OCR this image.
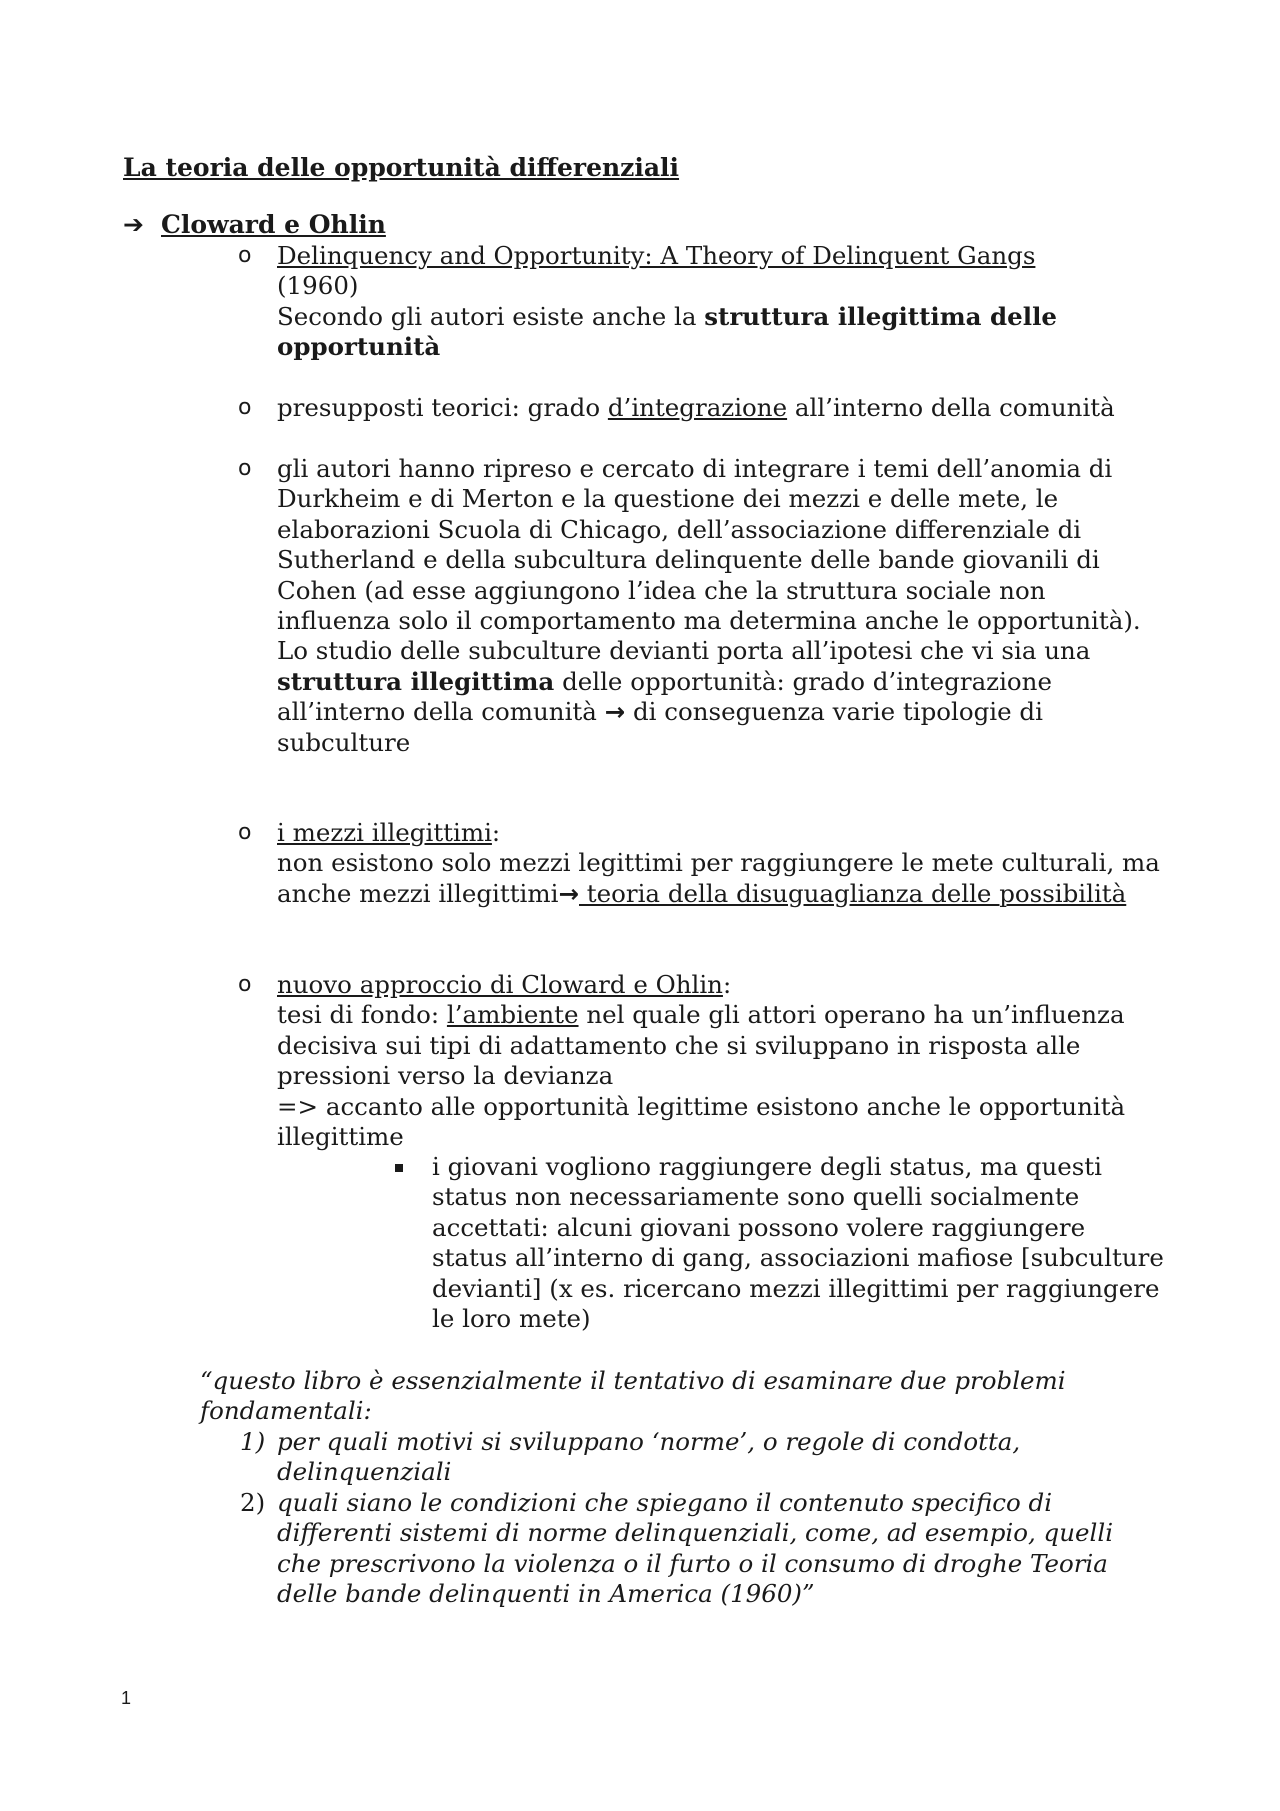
La teoria delle opportunità differenziali
➔ Cloward e Ohlin
o Delinquency and Opportunity: A Theory of Delinquent Gangs
(1960)
Secondo gli autori esiste anche la struttura illegittima delle opportunità
o presupposti teorici: grado d’integrazione all’interno della comunità
o gli autori hanno ripreso e cercato di integrare i temi dell’anomia di Durkheim e di Merton e la questione dei mezzi e delle mete, le elaborazioni Scuola di Chicago, dell’associazione differenziale di Sutherland e della subcultura delinquente delle bande giovanili di Cohen (ad esse aggiungono l’idea che la struttura sociale non influenza solo il comportamento ma determina anche le opportunità).
Lo studio delle subculture devianti porta all’ipotesi che vi sia una struttura illegittima delle opportunità: grado d’integrazione all’interno della comunità → di conseguenza varie tipologie di subculture
o i mezzi illegittimi:
non esistono solo mezzi legittimi per raggiungere le mete culturali, ma anche mezzi illegittimi→ teoria della disuguaglianza delle possibilità
o nuovo approccio di Cloward e Ohlin:
tesi di fondo: l’ambiente nel quale gli attori operano ha un’influenza decisiva sui tipi di adattamento che si sviluppano in risposta alle pressioni verso la devianza
=> accanto alle opportunità legittime esistono anche le opportunità illegittime
i giovani vogliono raggiungere degli status, ma questi status non necessariamente sono quelli socialmente accettati: alcuni giovani possono volere raggiungere status all’interno di gang, associazioni mafiose [subculture devianti] (x es. ricercano mezzi illegittimi per raggiungere le loro mete)
“questo libro è essenzialmente il tentativo di esaminare due problemi fondamentali:
1) per quali motivi si sviluppano ‘norme’, o regole di condotta, delinquenziali
2) quali siano le condizioni che spiegano il contenuto specifico di differenti sistemi di norme delinquenziali, come, ad esempio, quelli che prescrivono la violenza o il furto o il consumo di droghe Teoria delle bande delinquenti in America (1960)”
1
